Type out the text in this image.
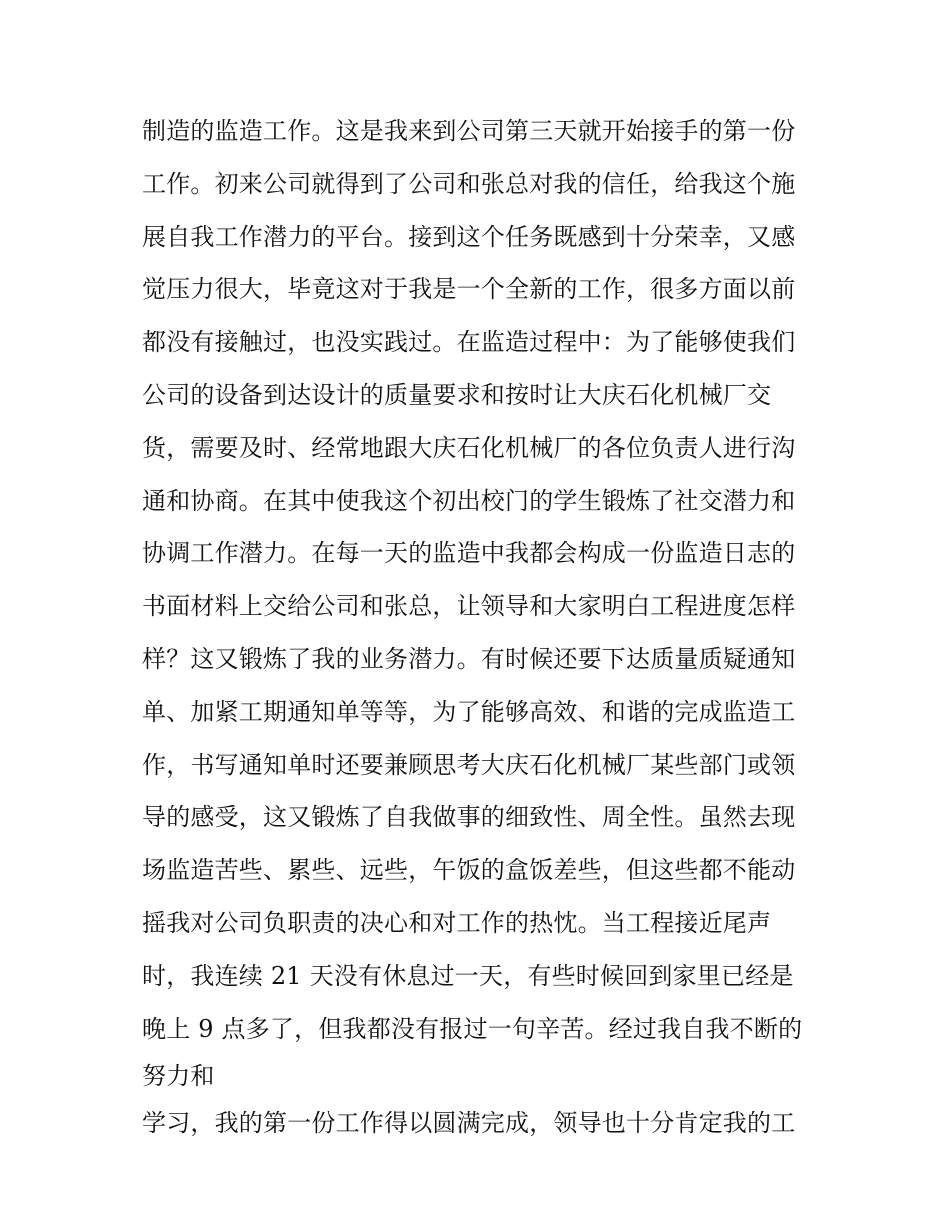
制造的监造工作。这是我来到公司第三天就开始接手的第一份
工作。初来公司就得到了公司和张总对我的信任，给我这个施
展自我工作潜力的平台。接到这个任务既感到十分荣幸，又感
觉压力很大，毕竟这对于我是一个全新的工作，很多方面以前
都没有接触过，也没实践过。在监造过程中：为了能够使我们
公司的设备到达设计的质量要求和按时让大庆石化机械厂交
货，需要及时、经常地跟大庆石化机械厂的各位负责人进行沟
通和协商。在其中使我这个初出校门的学生锻炼了社交潜力和
协调工作潜力。在每一天的监造中我都会构成一份监造日志的
书面材料上交给公司和张总，让领导和大家明白工程进度怎样
样？这又锻炼了我的业务潜力。有时候还要下达质量质疑通知
单、加紧工期通知单等等，为了能够高效、和谐的完成监造工
作，书写通知单时还要兼顾思考大庆石化机械厂某些部门或领
导的感受，这又锻炼了自我做事的细致性、周全性。虽然去现
场监造苦些、累些、远些，午饭的盒饭差些，但这些都不能动
摇我对公司负职责的决心和对工作的热忱。当工程接近尾声
时，我连续 21 天没有休息过一天，有些时候回到家里已经是
晚上 9 点多了，但我都没有报过一句辛苦。经过我自我不断的
努力和
学习，我的第一份工作得以圆满完成，领导也十分肯定我的工
